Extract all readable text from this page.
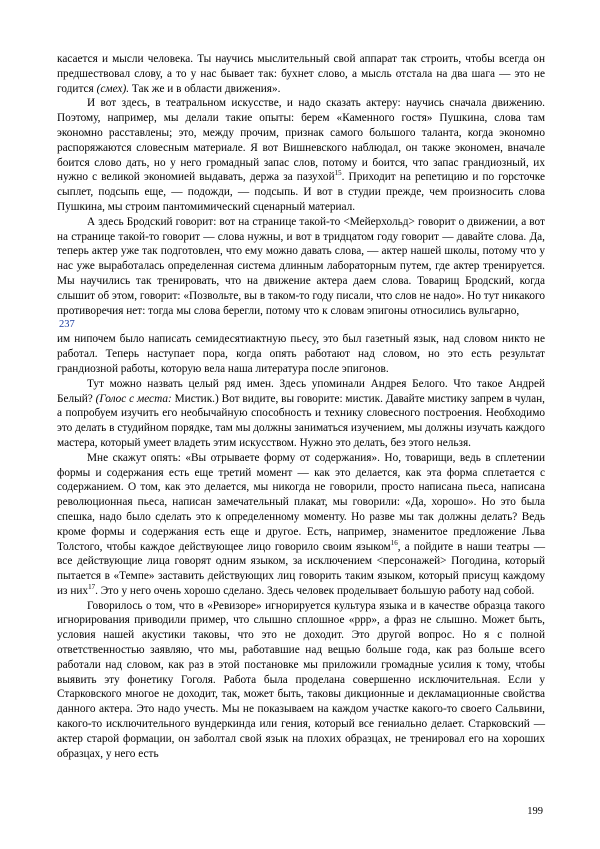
касается и мысли человека. Ты научись мыслительный свой аппарат так строить, чтобы всегда он предшествовал слову, а то у нас бывает так: бухнет слово, а мысль отстала на два шага — это не годится (смех). Так же и в области движения».

И вот здесь, в театральном искусстве, и надо сказать актеру: научись сначала движению. Поэтому, например, мы делали такие опыты: берем «Каменного гостя» Пушкина, слова там экономно расставлены; это, между прочим, признак самого большого таланта, когда экономно распоряжаются словесным материале. Я вот Вишневского наблюдал, он также экономен, вначале боится слово дать, но у него громадный запас слов, потому и боится, что запас грандиозный, их нужно с великой экономией выдавать, держа за пазухой$^{15}$. Приходит на репетицию и по горсточке сыплет, подсыпь еще, — подожди, — подсыпь. И вот в студии прежде, чем произносить слова Пушкина, мы строим пантомимический сценарный материал.

А здесь Бродский говорит: вот на странице такой-то <Мейерхольд> говорит о движении, а вот на странице такой-то говорит — слова нужны, и вот в тридцатом году говорит — давайте слова. Да, теперь актер уже так подготовлен, что ему можно давать слова, — актер нашей школы, потому что у нас уже выработалась определенная система длинным лабораторным путем, где актер тренируется. Мы научились так тренировать, что на движение актера даем слова. Товарищ Бродский, когда слышит об этом, говорит: «Позвольте, вы в таком-то году писали, что слов не надо». Но тут никакого противоречия нет: тогда мы слова берегли, потому что к словам эпигоны относились вульгарно,

237

им нипочем было написать семидесятиактную пьесу, это был газетный язык, над словом никто не работал. Теперь наступает пора, когда опять работают над словом, но это есть результат грандиозной работы, которую вела наша литература после эпигонов.

Тут можно назвать целый ряд имен. Здесь упоминали Андрея Белого. Что такое Андрей Белый? (Голос с места: Мистик.) Вот видите, вы говорите: мистик. Давайте мистику запрем в чулан, а попробуем изучить его необычайную способность и технику словесного построения. Необходимо это делать в студийном порядке, там мы должны заниматься изучением, мы должны изучать каждого мастера, который умеет владеть этим искусством. Нужно это делать, без этого нельзя.

Мне скажут опять: «Вы отрываете форму от содержания». Но, товарищи, ведь в сплетении формы и содержания есть еще третий момент — как это делается, как эта форма сплетается с содержанием. О том, как это делается, мы никогда не говорили, просто написана пьеса, написана революционная пьеса, написан замечательный плакат, мы говорили: «Да, хорошо». Но это была спешка, надо было сделать это к определенному моменту. Но разве мы так должны делать? Ведь кроме формы и содержания есть еще и другое. Есть, например, знаменитое предложение Льва Толстого, чтобы каждое действующее лицо говорило своим языком$^{16}$, а пойдите в наши театры — все действующие лица говорят одним языком, за исключением <персонажей> Погодина, который пытается в «Темпе» заставить действующих лиц говорить таким языком, который присущ каждому из них$^{17}$. Это у него очень хорошо сделано. Здесь человек проделывает большую работу над собой.

Говорилось о том, что в «Ревизоре» игнорируется культура языка и в качестве образца такого игнорирования приводили пример, что слышно сплошное «ррр», а фраз не слышно. Может быть, условия нашей акустики таковы, что это не доходит. Это другой вопрос. Но я с полной ответственностью заявляю, что мы, работавшие над вещью больше года, как раз больше всего работали над словом, как раз в этой постановке мы приложили громадные усилия к тому, чтобы выявить эту фонетику Гоголя. Работа была проделана совершенно исключительная. Если у Старковского многое не доходит, так, может быть, таковы дикционные и декламационные свойства данного актера. Это надо учесть. Мы не показываем на каждом участке какого-то своего Сальвини, какого-то исключительного вундеркинда или гения, который все гениально делает. Старковский — актер старой формации, он заболтал свой язык на плохих образцах, не тренировал его на хороших образцах, у него есть

199
